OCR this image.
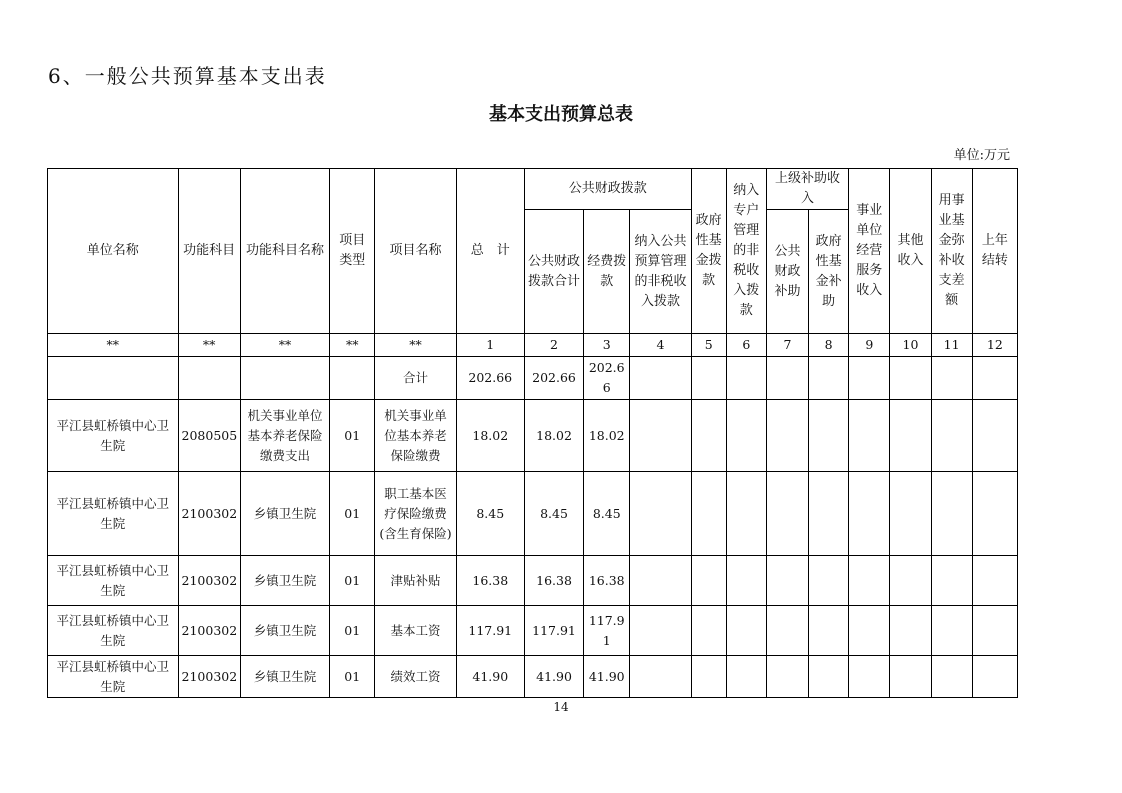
6、一般公共预算基本支出表
基本支出预算总表
单位:万元
单位名称	功能科目	功能科目名称	项目类型	项目名称	总　计	公共财政拨款			政府性基金拨款	纳入专户管理的非税收入拨款	上级补助收入		事业单位经营服务收入	其他收入	用事业基金弥补收支差额	上年结转
						公共财政拨款合计	经费拨款	纳入公共预算管理的非税收入拨款			公共财政补助	政府性基金补助				
**	**	**	**	**	1	2	3	4	5	6	7	8	9	10	11	12
				合计	202.66	202.66	202.66									
平江县虹桥镇中心卫生院	2080505	机关事业单位基本养老保险缴费支出	01	机关事业单位基本养老保险缴费	18.02	18.02	18.02									
平江县虹桥镇中心卫生院	2100302	乡镇卫生院	01	职工基本医疗保险缴费(含生育保险)	8.45	8.45	8.45									
平江县虹桥镇中心卫生院	2100302	乡镇卫生院	01	津贴补贴	16.38	16.38	16.38									
平江县虹桥镇中心卫生院	2100302	乡镇卫生院	01	基本工资	117.91	117.91	117.91									
平江县虹桥镇中心卫生院	2100302	乡镇卫生院	01	绩效工资	41.90	41.90	41.90									
14
